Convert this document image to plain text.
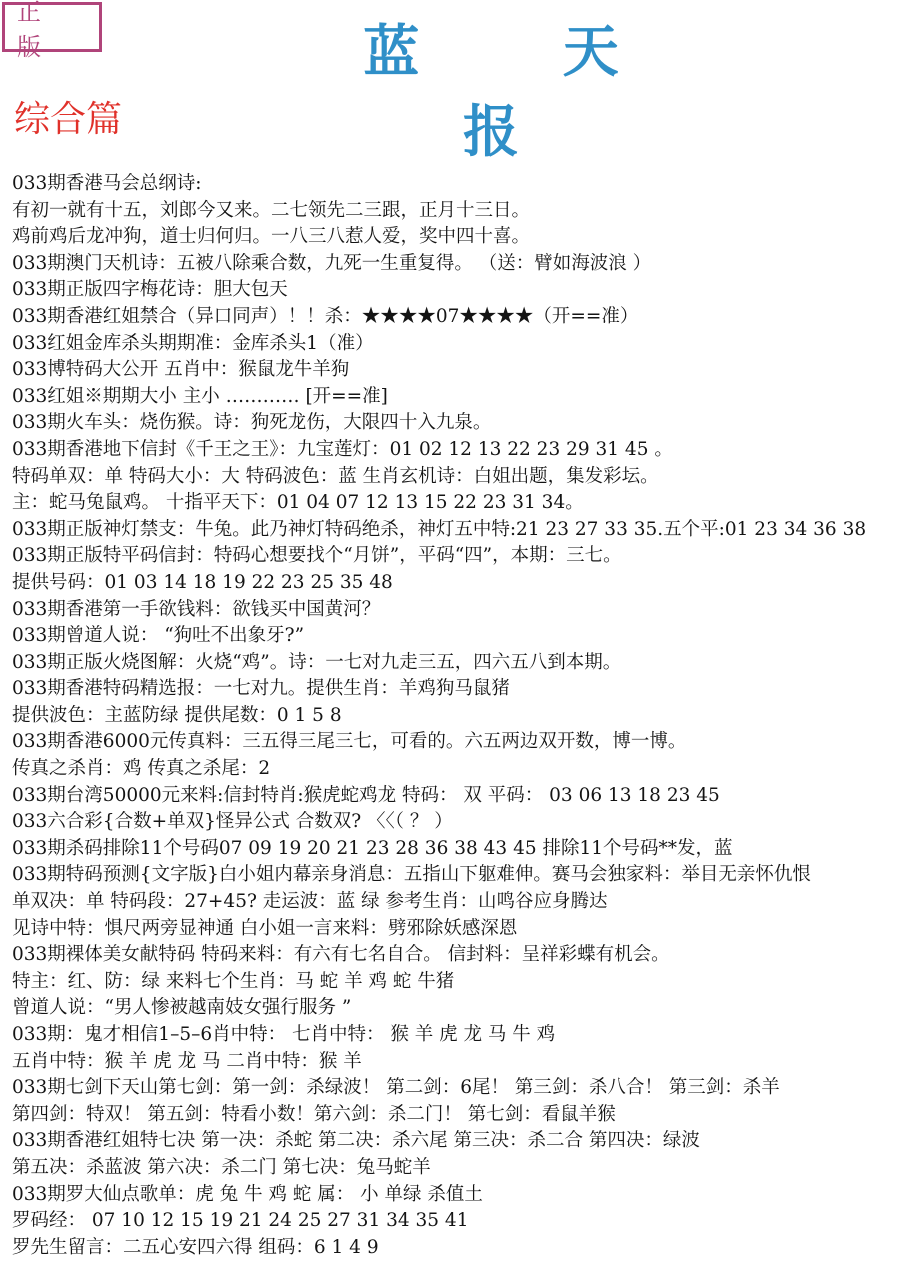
正 版	蓝 天 报
综合篇
033期香港马会总纲诗:
有初一就有十五，刘郎今又来。二七领先二三跟，正月十三日。
鸡前鸡后龙冲狗，道士归何归。一八三八惹人爱，奖中四十喜。
033期澳门天机诗：五被八除乘合数，九死一生重复得。 （送：臂如海波浪 ）
033期正版四字梅花诗：胆大包天
033期香港红姐禁合（异口同声）！！杀：★★★★07★★★★（开==准）
033红姐金库杀头期期准：金库杀头1（准）
033博特码大公开 五肖中：猴鼠龙牛羊狗
033红姐※期期大小 主小 ………… [开==准]
033期火车头：烧伤猴。诗：狗死龙伤，大限四十入九泉。
033期香港地下信封《千王之王》：九宝莲灯：01 02 12 13 22 23 29 31 45 。
特码单双：单 特码大小：大 特码波色：蓝 生肖玄机诗：白姐出题，集发彩坛。
主：蛇马兔鼠鸡。 十指平天下：01 04 07 12 13 15 22 23 31 34。
033期正版神灯禁支：牛兔。此乃神灯特码绝杀，神灯五中特:21 23 27 33 35.五个平:01 23 34 36 38
033期正版特平码信封：特码心想要找个“月饼”，平码“四”，本期：三七。
提供号码：01 03 14 18 19 22 23 25 35 48
033期香港第一手欲钱料：欲钱买中国黄河？
033期曾道人说： “狗吐不出象牙?”
033期正版火烧图解：火烧“鸡”。诗：一七对九走三五，四六五八到本期。
033期香港特码精选报：一七对九。提供生肖：羊鸡狗马鼠猪
提供波色：主蓝防绿 提供尾数：0 1 5 8
033期香港6000元传真料：三五得三尾三七，可看的。六五两边双开数，博一博。
传真之杀肖：鸡 传真之杀尾：2
033期台湾50000元来料:信封特肖:猴虎蛇鸡龙 特码： 双 平码： 03 06 13 18 23 45
033六合彩{合数+单双}怪异公式 合数双? 〈〈（ ？ ）
033期杀码排除11个号码07 09 19 20 21 23 28 36 38 43 45 排除11个号码**发，蓝
033期特码预测{文字版}白小姐内幕亲身消息：五指山下躯难伸。赛马会独家料：举目无亲怀仇恨
单双决：单 特码段：27+45? 走运波：蓝 绿 参考生肖：山鸣谷应身腾达
见诗中特：惧尺两旁显神通 白小姐一言来料：劈邪除妖感深恩
033期裸体美女献特码 特码来料：有六有七名自合。 信封料：呈祥彩蝶有机会。
特主：红、防：绿 来料七个生肖：马 蛇 羊 鸡 蛇 牛猪
曾道人说：“男人惨被越南妓女强行服务 ”
033期：鬼才相信1–5–6肖中特： 七肖中特： 猴 羊 虎 龙 马 牛 鸡
五肖中特：猴 羊 虎 龙 马 二肖中特：猴 羊
033期七剑下天山第七剑：第一剑：杀绿波！ 第二剑：6尾！ 第三剑：杀八合！ 第三剑：杀羊
第四剑：特双！ 第五剑：特看小数！第六剑：杀二门！ 第七剑：看鼠羊猴
033期香港红姐特七决 第一决：杀蛇 第二决：杀六尾 第三决：杀二合 第四决：绿波
第五决：杀蓝波 第六决：杀二门 第七决：兔马蛇羊
033期罗大仙点歌单：虎 兔 牛 鸡 蛇 属： 小 单绿 杀值土
罗码经： 07 10 12 15 19 21 24 25 27 31 34 35 41
罗先生留言：二五心安四六得 组码：6 1 4 9
